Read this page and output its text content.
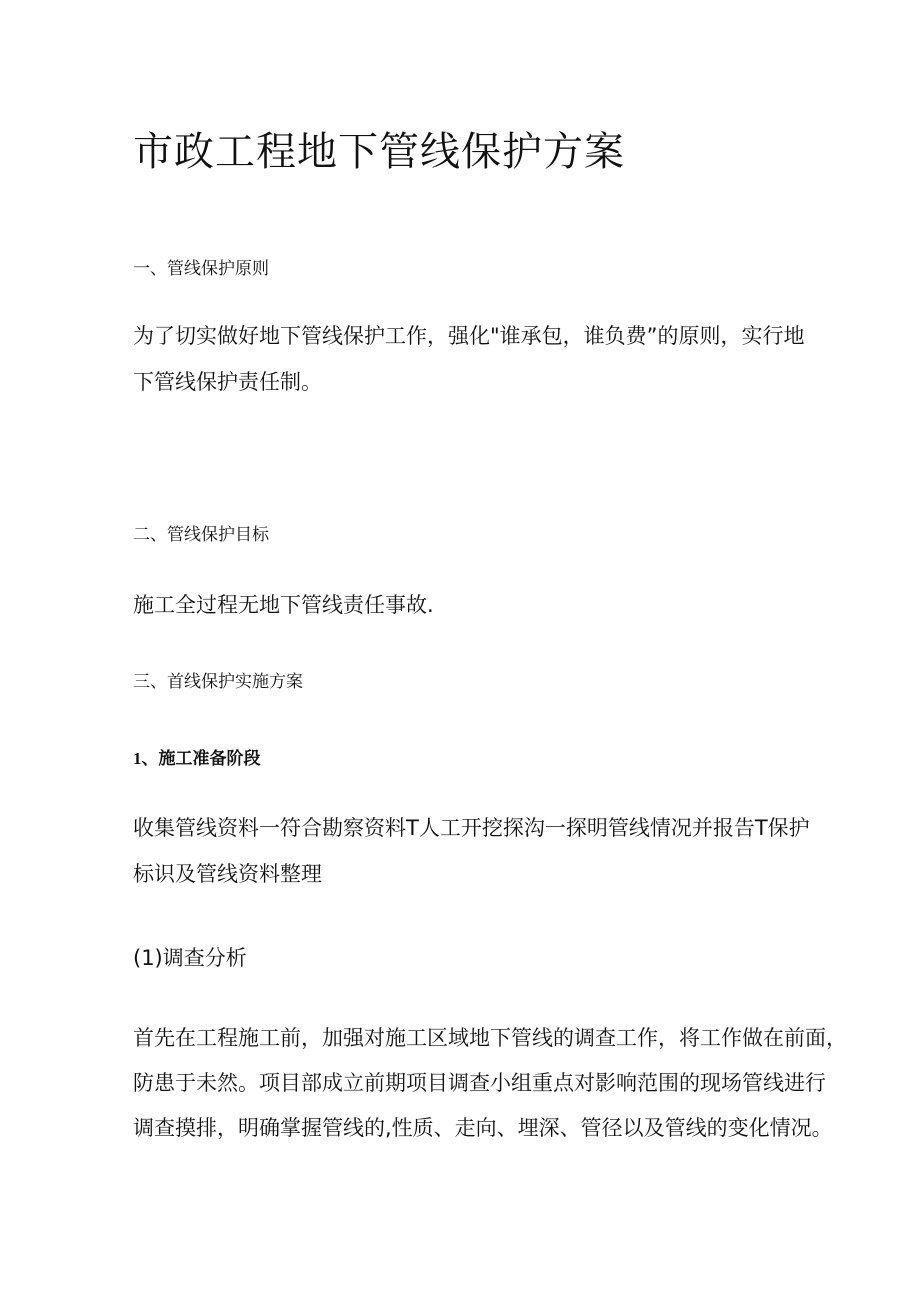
市政工程地下管线保护方案
一、管线保护原则

为了切实做好地下管线保护工作，强化"谁承包，谁负费”的原则，实行地
下管线保护责任制。

二、管线保护目标

施工全过程无地下管线责任事故.

三、首线保护实施方案
1、施工准备阶段

收集管线资料一符合勘察资料T人工开挖探沟一探明管线情况并报告T保护
标识及管线资料整理

(1)调查分析

首先在工程施工前，加强对施工区域地下管线的调查工作，将工作做在前面，
防患于未然。项目部成立前期项目调查小组重点对影响范围的现场管线进行
调查摸排，明确掌握管线的,性质、走向、埋深、管径以及管线的变化情况。
